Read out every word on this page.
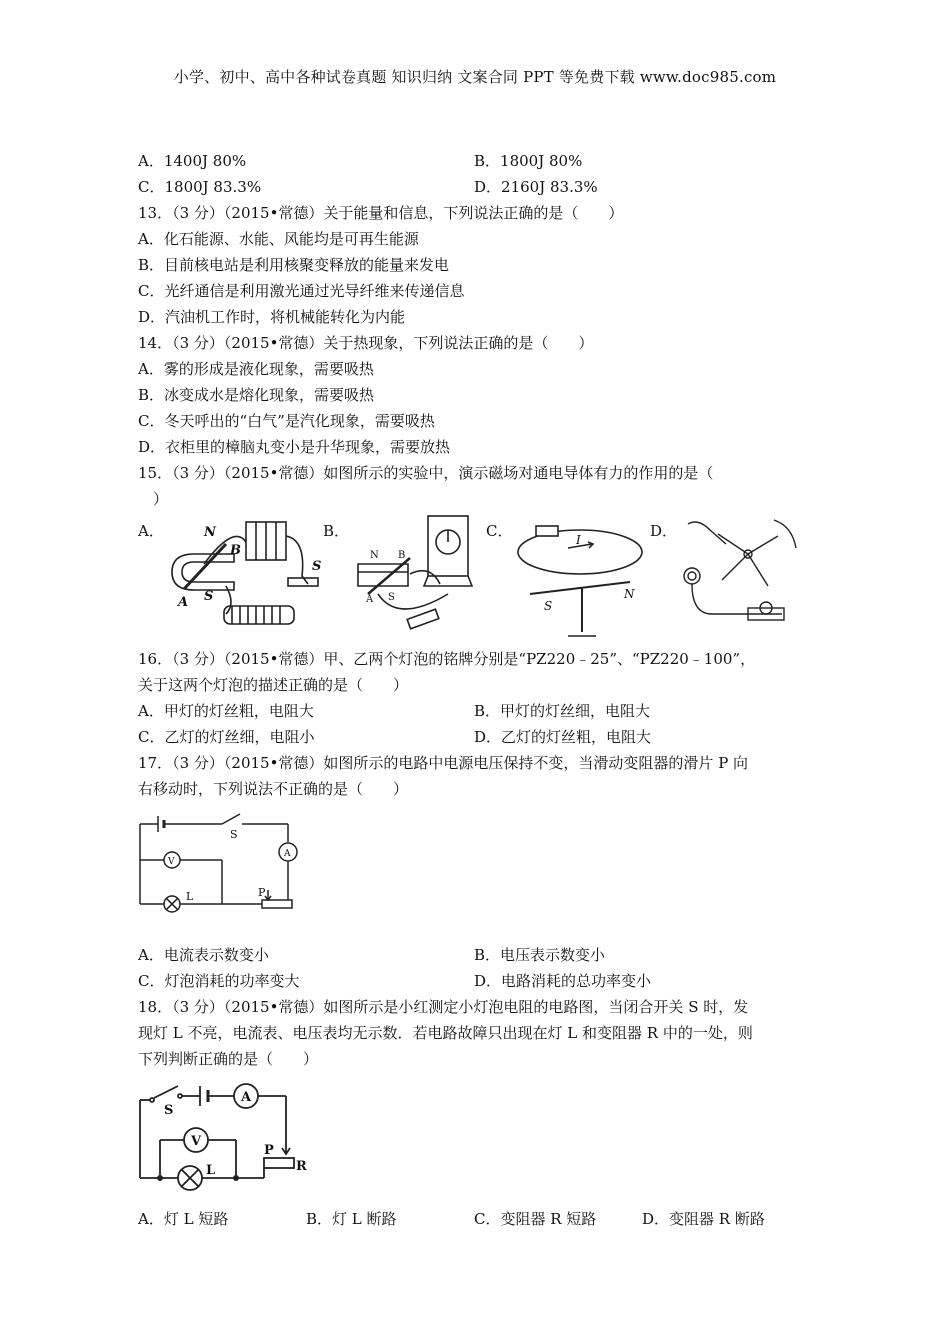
小学、初中、高中各种试卷真题 知识归纳 文案合同 PPT 等免费下载 www.doc985.com
A．1400J 80%	B．1800J 80%
C．1800J 83.3%	D．2160J 83.3%
13．（3 分）（2015•常德）关于能量和信息，下列说法正确的是（　　）
A．化石能源、水能、风能均是可再生能源
B．目前核电站是利用核聚变释放的能量来发电
C．光纤通信是利用激光通过光导纤维来传递信息
D．汽油机工作时，将机械能转化为内能
14．（3 分）（2015•常德）关于热现象，下列说法正确的是（　　）
A．雾的形成是液化现象，需要吸热
B．冰变成水是熔化现象，需要吸热
C．冬天呼出的“白气”是汽化现象，需要吸热
D．衣柜里的樟脑丸变小是升华现象，需要放热
15．（3 分）（2015•常德）如图所示的实验中，演示磁场对通电导体有力的作用的是（
　）
A．	B．	C．	D．
N
B
A S
S
N B
S
A
I
S
N
16．（3 分）（2015•常德）甲、乙两个灯泡的铭牌分别是“PZ220﹣25”、“PZ220﹣100”，
关于这两个灯泡的描述正确的是（　　）
A．甲灯的灯丝粗，电阻大	B．甲灯的灯丝细，电阻大
C．乙灯的灯丝细，电阻小	D．乙灯的灯丝粗，电阻大
17．（3 分）（2015•常德）如图所示的电路中电源电压保持不变，当滑动变阻器的滑片 P 向
右移动时，下列说法不正确的是（　　）
S
V
A
L	P
A．电流表示数变小	B．电压表示数变小
C．灯泡消耗的功率变大	D．电路消耗的总功率变小
18．（3 分）（2015•常德）如图所示是小红测定小灯泡电阻的电路图，当闭合开关 S 时，发
现灯 L 不亮，电流表、电压表均无示数．若电路故障只出现在灯 L 和变阻器 R 中的一处，则
下列判断正确的是（　　）
S
A
V
L
P
R
A．灯 L 短路	B．灯 L 断路	C．变阻器 R 短路	D．变阻器 R 断路
